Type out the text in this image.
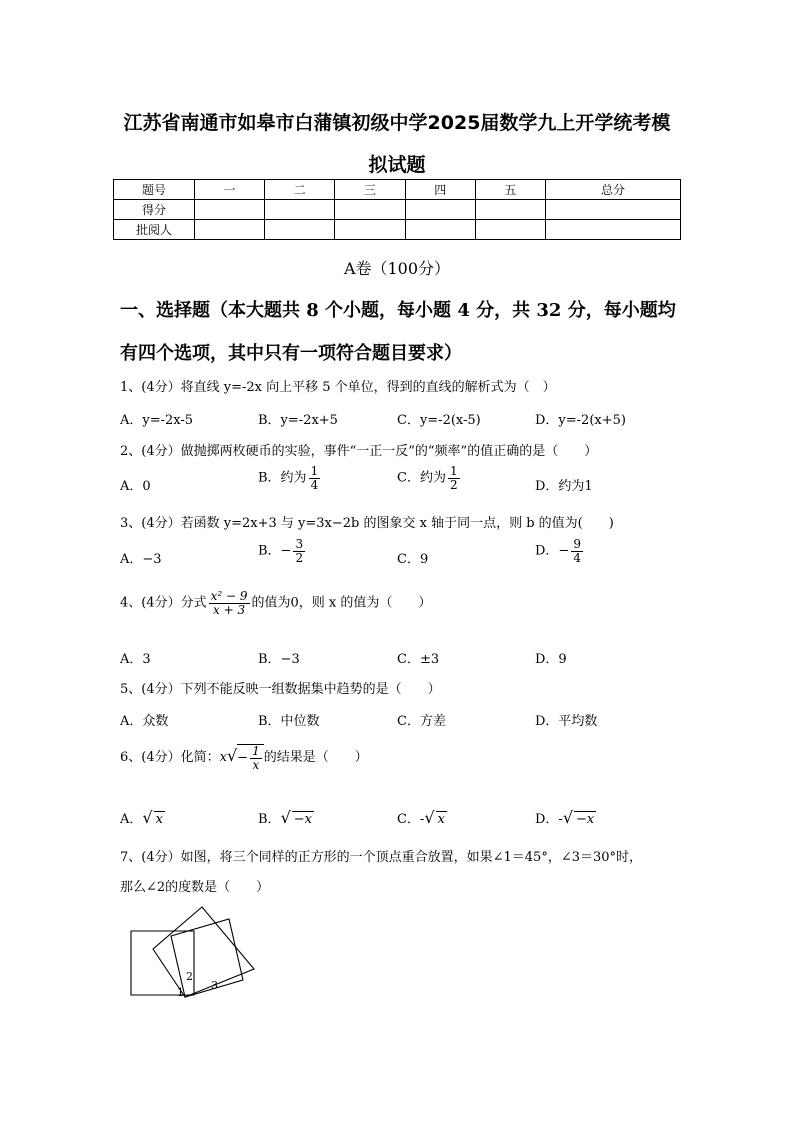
江苏省南通市如皋市白蒲镇初级中学2025届数学九上开学统考模
拟试题
题号	一	二	三	四	五	总分
得分						
批阅人						
A卷（100分）
一、选择题（本大题共 8 个小题，每小题 4 分，共 32 分，每小题均
有四个选项，其中只有一项符合题目要求）
1、(4分）将直线 y=-2x 向上平移 5 个单位，得到的直线的解析式为（　）
A．y=-2x-5	B．y=-2x+5	C．y=-2(x-5)	D．y=-2(x+5)
2、(4分）做抛掷两枚硬币的实验，事件“一正一反”的“频率”的值正确的是（　　）
A．0
B．约为 $\frac{1}{4}$	C．约为 $\frac{1}{2}$	D．约为1
3、(4分）若函数 y=2x+3 与 y=3x−2b 的图象交 x 轴于同一点，则 b 的值为(　　)
A．−3
B．− $\frac{3}{2}$	C．9
D．− $\frac{9}{4}$
4、(4分）分式 $\frac{\text{x² − 9}}{x + 3}$ 的值为0，则 x 的值为（　　）
A．3	B．−3	C．±3	D．9
5、(4分）下列不能反映一组数据集中趋势的是（　　）
A．众数	B．中位数	C．方差	D．平均数
6、(4分）化简：$x√- \frac{1}{x}$ 的结果是（　　）
A．√ x	B．√ −x	C．-√ x	D．-√ −x
7、(4分）如图，将三个同样的正方形的一个顶点重合放置，如果∠1＝45°，∠3＝30°时，
那么∠2的度数是（　　）
1
2
3
